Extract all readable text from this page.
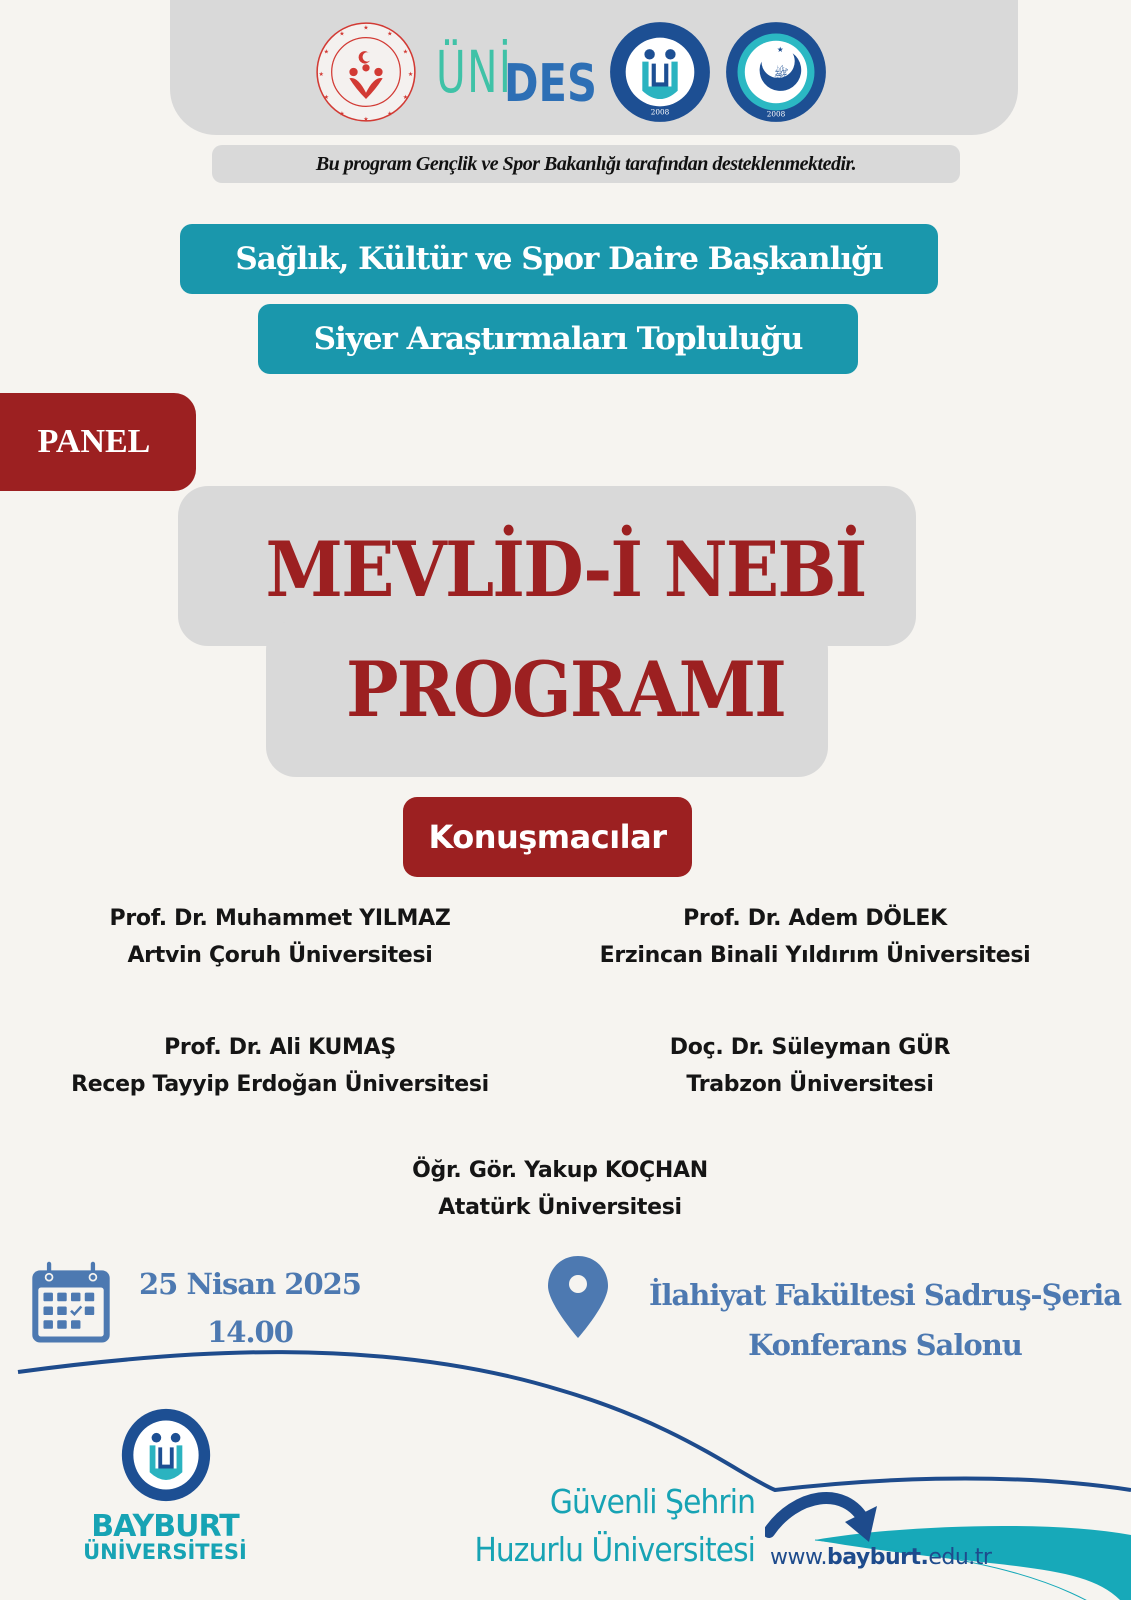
★
★	★
★	★
★	★
★	★
★	★
★
ÜNİ
DES	2008
ﷺ
★
2008
Bu program Gençlik ve Spor Bakanlığı tarafından desteklenmektedir.
Sağlık, Kültür ve Spor Daire Başkanlığı
Siyer Araştırmaları Topluluğu
PANEL
MEVLİD-İ NEBİ
PROGRAMI
Konuşmacılar
Prof. Dr. Muhammet YILMAZ
Artvin Çoruh Üniversitesi
Prof. Dr. Adem DÖLEK
Erzincan Binali Yıldırım Üniversitesi
Prof. Dr. Ali KUMAŞ
Recep Tayyip Erdoğan Üniversitesi
Doç. Dr. Süleyman GÜR
Trabzon Üniversitesi
Öğr. Gör. Yakup KOÇHAN
Atatürk Üniversitesi
25 Nisan 2025
14.00
İlahiyat Fakültesi Sadruş-Şeria
Konferans Salonu
BAYBURT
ÜNİVERSİTESİ
Güvenli Şehrin
Huzurlu Üniversitesi www.bayburt.edu.tr
